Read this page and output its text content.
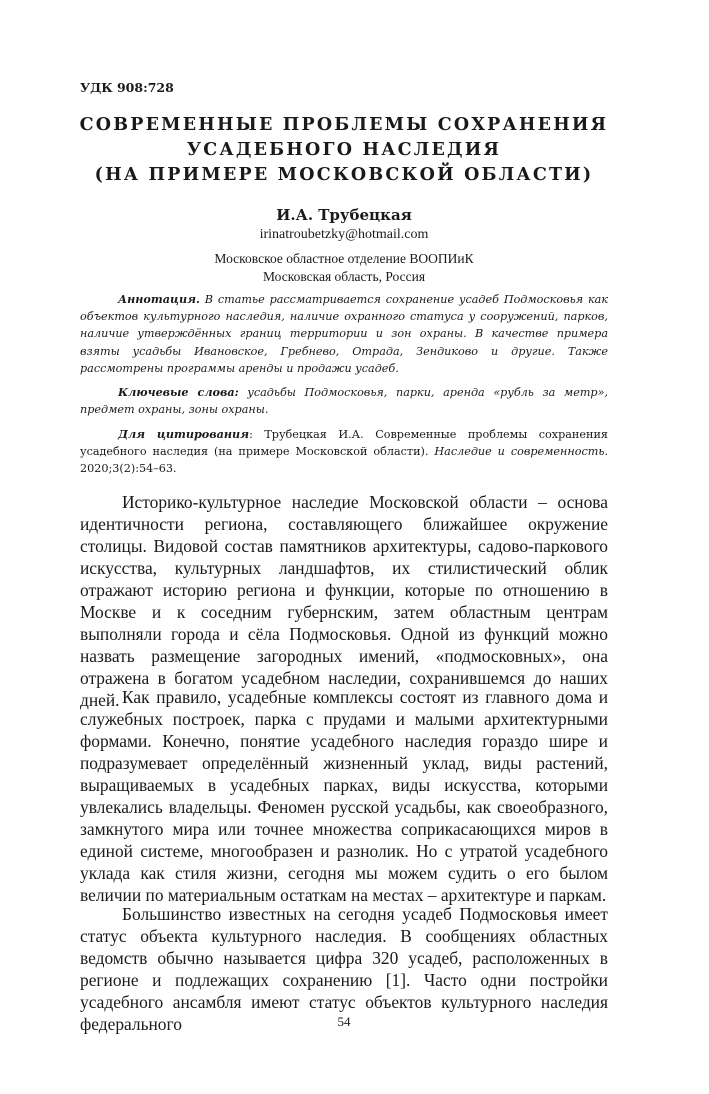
УДК 908:728
СОВРЕМЕННЫЕ ПРОБЛЕМЫ СОХРАНЕНИЯ
УСАДЕБНОГО НАСЛЕДИЯ
(НА ПРИМЕРЕ МОСКОВСКОЙ ОБЛАСТИ)
И.А. Трубецкая
irinatroubetzky@hotmail.com
Московское областное отделение ВООПИиК
Московская область, Россия
Аннотация. В статье рассматривается сохранение усадеб Подмосковья как объектов культурного наследия, наличие охранного статуса у сооружений, парков, наличие утверждённых границ территории и зон охраны. В качестве примера взяты усадьбы Ивановское, Гребнево, Отрада, Зендиково и другие. Также рассмотрены программы аренды и продажи усадеб.
Ключевые слова: усадьбы Подмосковья, парки, аренда «рубль за метр», предмет охраны, зоны охраны.
Для цитирования: Трубецкая И.А. Современные проблемы сохранения усадебного наследия (на примере Московской области). Наследие и современность. 2020;3(2):54–63.

Историко-культурное наследие Московской области – основа идентичности региона, составляющего ближайшее окружение столицы. Видовой состав памятников архитектуры, садово-паркового искусства, культурных ландшафтов, их стилистический облик отражают историю региона и функции, которые по отношению в Москве и к соседним губернским, затем областным центрам выполняли города и сёла Подмосковья. Одной из функций можно назвать размещение загородных имений, «подмосковных», она отражена в богатом усадебном наследии, сохранившемся до наших дней. Как правило, усадебные комплексы состоят из главного дома и служебных построек, парка с прудами и малыми архитектурными формами. Конечно, понятие усадебного наследия гораздо шире и подразумевает определённый жизненный уклад, виды растений, выращиваемых в усадебных парках, виды искусства, которыми увлекались владельцы. Феномен русской усадьбы, как своеобразного, замкнутого мира или точнее множества соприкасающихся миров в единой системе, многообразен и разнолик. Но с утратой усадебного уклада как стиля жизни, сегодня мы можем судить о его былом величии по материальным остаткам на местах – архитектуре и паркам.

Большинство известных на сегодня усадеб Подмосковья имеет статус объекта культурного наследия. В сообщениях областных ведомств обычно называется цифра 320 усадеб, расположенных в регионе и подлежащих сохранению [1]. Часто одни постройки усадебного ансамбля имеют статус объектов культурного наследия федерального	54
